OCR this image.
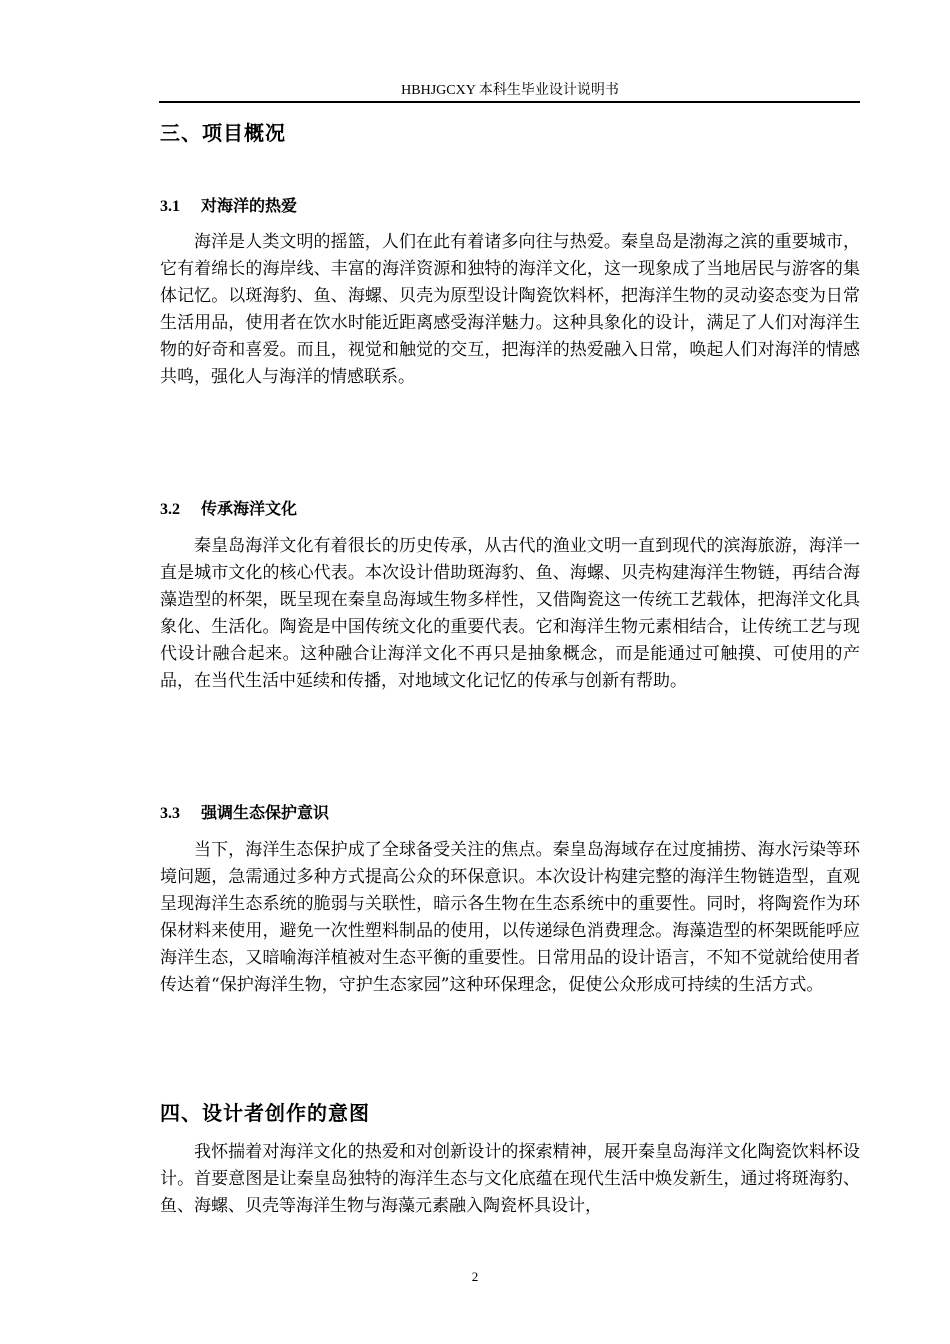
HBHJGCXY 本科生毕业设计说明书
三、项目概况
3.1 对海洋的热爱

海洋是人类文明的摇篮，人们在此有着诸多向往与热爱。秦皇岛是渤海之滨的重要城市，它有着绵长的海岸线、丰富的海洋资源和独特的海洋文化，这一现象成了当地居民与游客的集体记忆。以斑海豹、鱼、海螺、贝壳为原型设计陶瓷饮料杯，把海洋生物的灵动姿态变为日常生活用品，使用者在饮水时能近距离感受海洋魅力。这种具象化的设计，满足了人们对海洋生物的好奇和喜爱。而且，视觉和触觉的交互，把海洋的热爱融入日常，唤起人们对海洋的情感共鸣，强化人与海洋的情感联系。

3.2 传承海洋文化

秦皇岛海洋文化有着很长的历史传承，从古代的渔业文明一直到现代的滨海旅游，海洋一直是城市文化的核心代表。本次设计借助斑海豹、鱼、海螺、贝壳构建海洋生物链，再结合海藻造型的杯架，既呈现在秦皇岛海域生物多样性，又借陶瓷这一传统工艺载体，把海洋文化具象化、生活化。陶瓷是中国传统文化的重要代表。它和海洋生物元素相结合，让传统工艺与现代设计融合起来。这种融合让海洋文化不再只是抽象概念，而是能通过可触摸、可使用的产品，在当代生活中延续和传播，对地域文化记忆的传承与创新有帮助。

3.3 强调生态保护意识

当下，海洋生态保护成了全球备受关注的焦点。秦皇岛海域存在过度捕捞、海水污染等环境问题，急需通过多种方式提高公众的环保意识。本次设计构建完整的海洋生物链造型，直观呈现海洋生态系统的脆弱与关联性，暗示各生物在生态系统中的重要性。同时，将陶瓷作为环保材料来使用，避免一次性塑料制品的使用，以传递绿色消费理念。海藻造型的杯架既能呼应海洋生态，又暗喻海洋植被对生态平衡的重要性。日常用品的设计语言，不知不觉就给使用者传达着“保护海洋生物，守护生态家园”这种环保理念，促使公众形成可持续的生活方式。

四、设计者创作的意图

我怀揣着对海洋文化的热爱和对创新设计的探索精神，展开秦皇岛海洋文化陶瓷饮料杯设计。首要意图是让秦皇岛独特的海洋生态与文化底蕴在现代生活中焕发新生，通过将斑海豹、鱼、海螺、贝壳等海洋生物与海藻元素融入陶瓷杯具设计，

2
